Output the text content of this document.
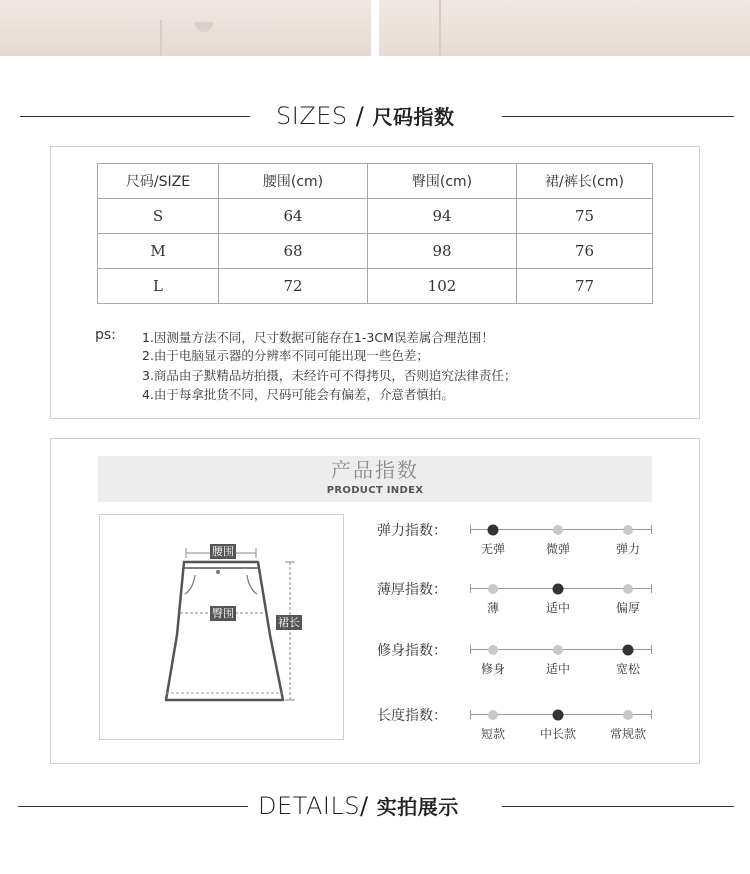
SIZES / 尺码指数
尺码/SIZE	腰围(cm)	臀围(cm)	裙/裤长(cm)
S	64	94	75
M	68	98	76
L	72	102	77
ps: 1.因测量方法不同，尺寸数据可能存在1-3CM误差属合理范围！
2.由于电脑显示器的分辨率不同可能出现一些色差；
3.商品由子默精品坊拍摄，未经许可不得拷贝，否则追究法律责任；
4.由于每拿批货不同，尺码可能会有偏差，介意者慎拍。
产品指数
PRODUCT INDEX
腰围
臀围
裙长
弹力指数：
无弹	微弹	弹力
薄厚指数：
薄	适中	偏厚
修身指数：
修身	适中	宽松
长度指数：
短款	中长款	常规款
DETAILS/ 实拍展示
